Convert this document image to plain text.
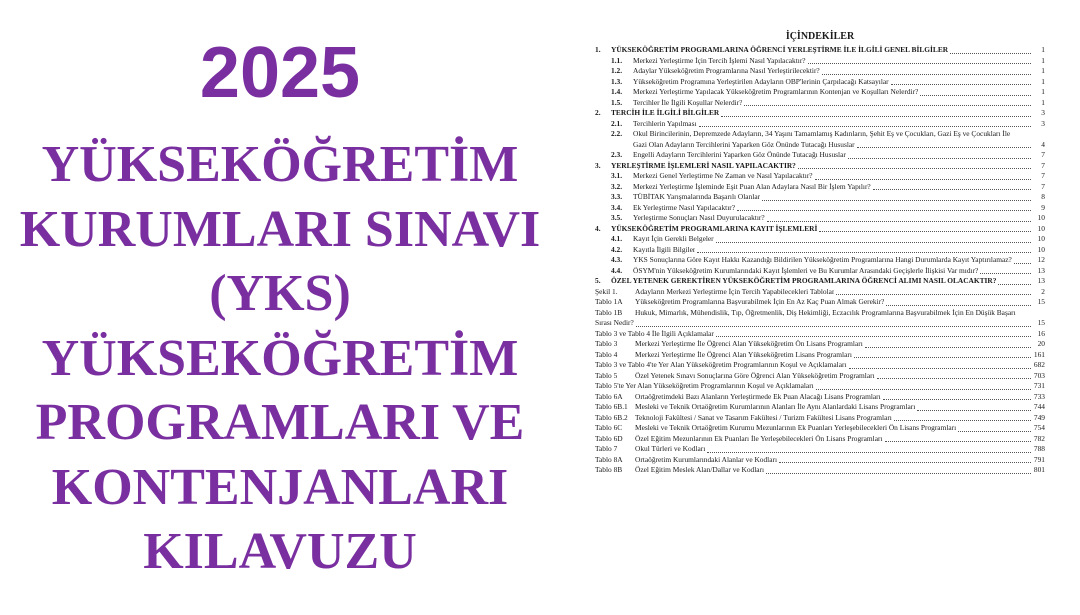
2025
YÜKSEKÖĞRETİM
KURUMLARI SINAVI
(YKS)
YÜKSEKÖĞRETİM
PROGRAMLARI VE
KONTENJANLARI
KILAVUZU
İÇİNDEKİLER
1.	YÜKSEKÖĞRETİM PROGRAMLARINA ÖĞRENCİ YERLEŞTİRME İLE İLGİLİ GENEL BİLGİLER	1
1.1.	Merkezi Yerleştirme İçin Tercih İşlemi Nasıl Yapılacaktır?	1
1.2.	Adaylar Yükseköğretim Programlarına Nasıl Yerleştirilecektir?	1
1.3.	Yükseköğretim Programına Yerleştirilen Adayların OBP'lerinin Çarpılacağı Katsayılar	1
1.4.	Merkezi Yerleştirme Yapılacak Yükseköğretim Programlarının Kontenjan ve Koşulları Nelerdir?	1
1.5.	Tercihler İle İlgili Koşullar Nelerdir?	1
2.	TERCİH İLE İLGİLİ BİLGİLER	3
2.1.	Tercihlerin Yapılması	3
2.2.	Okul Birincilerinin, Depremzede Adayların, 34 Yaşını Tamamlamış Kadınların, Şehit Eş ve Çocukları, Gazi Eş ve Çocukları İle
Gazi Olan Adayların Tercihlerini Yaparken Göz Önünde Tutacağı Hususlar	4
2.3.	Engelli Adayların Tercihlerini Yaparken Göz Önünde Tutacağı Hususlar	7
3.	YERLEŞTİRME İŞLEMLERİ NASIL YAPILACAKTIR?	7
3.1.	Merkezi Genel Yerleştirme Ne Zaman ve Nasıl Yapılacaktır?	7
3.2.	Merkezi Yerleştirme İşleminde Eşit Puan Alan Adaylara Nasıl Bir İşlem Yapılır?	7
3.3.	TÜBİTAK Yarışmalarında Başarılı Olanlar	8
3.4.	Ek Yerleştirme Nasıl Yapılacaktır?	9
3.5.	Yerleştirme Sonuçları Nasıl Duyurulacaktır?	10
4.	YÜKSEKÖĞRETİM PROGRAMLARINA KAYIT İŞLEMLERİ	10
4.1.	Kayıt İçin Gerekli Belgeler	10
4.2.	Kayıtla İlgili Bilgiler	10
4.3.	YKS Sonuçlarına Göre Kayıt Hakkı Kazandığı Bildirilen Yükseköğretim Programlarına Hangi Durumlarda Kayıt Yaptırılamaz?	12
4.4.	ÖSYM'nin Yükseköğretim Kurumlarındaki Kayıt İşlemleri ve Bu Kurumlar Arasındaki Geçişlerle İlişkisi Var mıdır?	13
5.	ÖZEL YETENEK GEREKTİREN YÜKSEKÖĞRETİM PROGRAMLARINA ÖĞRENCİ ALIMI NASIL OLACAKTIR?	13
Şekil 1.	Adayların Merkezi Yerleştirme İçin Tercih Yapabilecekleri Tablolar	2
Tablo 1A	Yükseköğretim Programlarına Başvurabilmek İçin En Az Kaç Puan Almak Gerekir?	15
Tablo 1B	Hukuk, Mimarlık, Mühendislik, Tıp, Öğretmenlik, Diş Hekimliği, Eczacılık Programlarına Başvurabilmek İçin En Düşük Başarı
Sırası Nedir?	15
Tablo 3 ve Tablo 4 İle İlgili Açıklamalar	16
Tablo 3	Merkezi Yerleştirme İle Öğrenci Alan Yükseköğretim Ön Lisans Programları	20
Tablo 4	Merkezi Yerleştirme İle Öğrenci Alan Yükseköğretim Lisans Programları	161
Tablo 3 ve Tablo 4'te Yer Alan Yükseköğretim Programlarının Koşul ve Açıklamaları	682
Tablo 5	Özel Yetenek Sınavı Sonuçlarına Göre Öğrenci Alan Yükseköğretim Programları	703
Tablo 5'te Yer Alan Yükseköğretim Programlarının Koşul ve Açıklamaları	731
Tablo 6A	Ortaöğretimdeki Bazı Alanların Yerleştirmede Ek Puan Alacağı Lisans Programları	733
Tablo 6B.1 Mesleki ve Teknik Ortaöğretim Kurumlarının Alanları İle Aynı Alanlardaki Lisans Programları	744
Tablo 6B.2 Teknoloji Fakültesi / Sanat ve Tasarım Fakültesi / Turizm Fakültesi Lisans Programları	749
Tablo 6C	Mesleki ve Teknik Ortaöğretim Kurumu Mezunlarının Ek Puanları Yerleşebilecekleri Ön Lisans Programları	754
Tablo 6D	Özel Eğitim Mezunlarının Ek Puanları İle Yerleşebilecekleri Ön Lisans Programları	782
Tablo 7	Okul Türleri ve Kodları	788
Tablo 8A	Ortaöğretim Kurumlarındaki Alanlar ve Kodları	791
Tablo 8B	Özel Eğitim Meslek Alan/Dallar ve Kodları	801
